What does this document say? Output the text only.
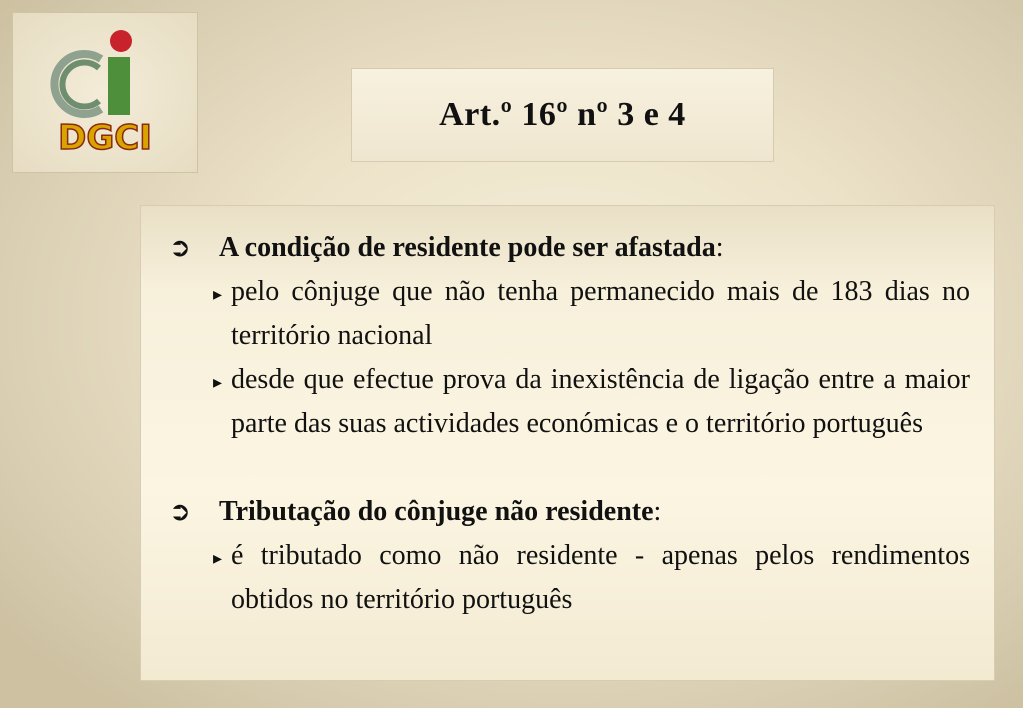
DGCI
Art.º 16º nº 3 e 4
➲	A condição de residente pode ser afastada:
▸ pelo cônjuge que não tenha permanecido mais de 183 dias no território nacional
▸ desde que efectue prova da inexistência de ligação entre a maior parte das suas actividades económicas e o território português
➲	Tributação do cônjuge não residente:
▸ é tributado como não residente - apenas pelos rendimentos obtidos no território português
